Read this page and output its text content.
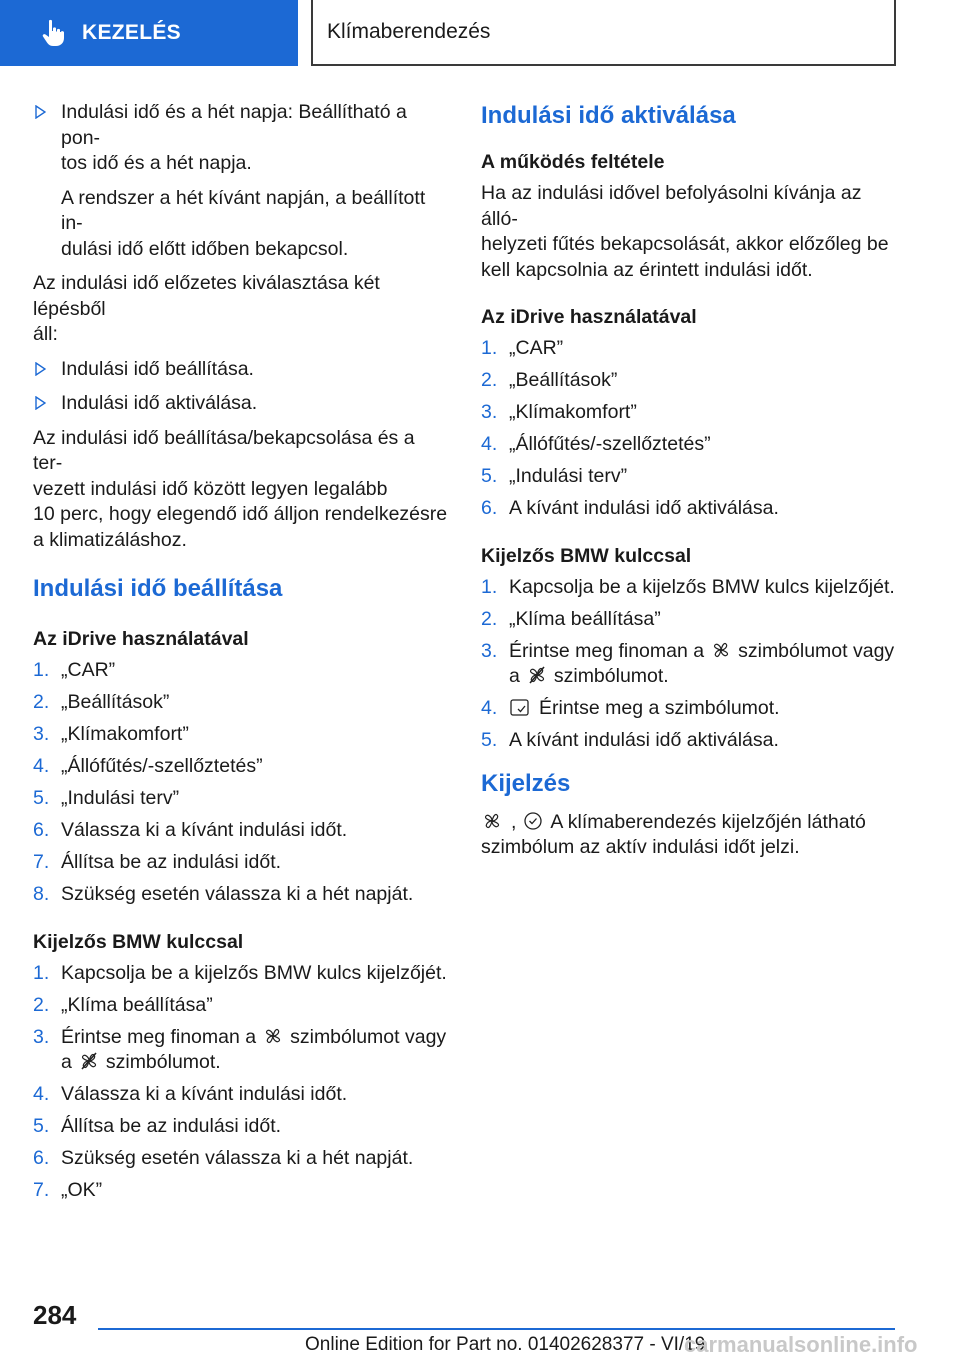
KEZELÉS	Klímaberendezés
Indulási idő és a hét napja: Beállítható a pon-
tos idő és a hét napja.
A rendszer a hét kívánt napján, a beállított in-
dulási idő előtt időben bekapcsol.
Az indulási idő előzetes kiválasztása két lépésből
áll:
Indulási idő beállítása.
Indulási idő aktiválása.
Az indulási idő beállítása/bekapcsolása és a ter-
vezett indulási idő között legyen legalább
10 perc, hogy elegendő idő álljon rendelkezésre
a klimatizáláshoz.
Indulási idő beállítása
Az iDrive használatával
1. „CAR”
2. „Beállítások”
3. „Klímakomfort”
4. „Állófűtés/-szellőztetés”
5. „Indulási terv”
6. Válassza ki a kívánt indulási időt.
7. Állítsa be az indulási időt.
8. Szükség esetén válassza ki a hét napját.
Kijelzős BMW kulccsal
1. Kapcsolja be a kijelzős BMW kulcs kijelzőjét.
2. „Klíma beállítása”
3. Érintse meg finoman a szimbólumot vagy
a szimbólumot.
4. Válassza ki a kívánt indulási időt.
5. Állítsa be az indulási időt.
6. Szükség esetén válassza ki a hét napját.
7. „OK”
Indulási idő aktiválása
A működés feltétele
Ha az indulási idővel befolyásolni kívánja az álló-
helyzeti fűtés bekapcsolását, akkor előzőleg be
kell kapcsolnia az érintett indulási időt.
Az iDrive használatával
1. „CAR”
2. „Beállítások”
3. „Klímakomfort”
4. „Állófűtés/-szellőztetés”
5. „Indulási terv”
6. A kívánt indulási idő aktiválása.
Kijelzős BMW kulccsal
1. Kapcsolja be a kijelzős BMW kulcs kijelzőjét.
2. „Klíma beállítása”
3. Érintse meg finoman a szimbólumot vagy
a szimbólumot.
4. Érintse meg a szimbólumot.
5. A kívánt indulási idő aktiválása.
Kijelzés
, A klímaberendezés kijelzőjén látható
szimbólum az aktív indulási időt jelzi.
284
Online Edition for Part no. 01402628377 - VI/19
carmanualsonline.info
